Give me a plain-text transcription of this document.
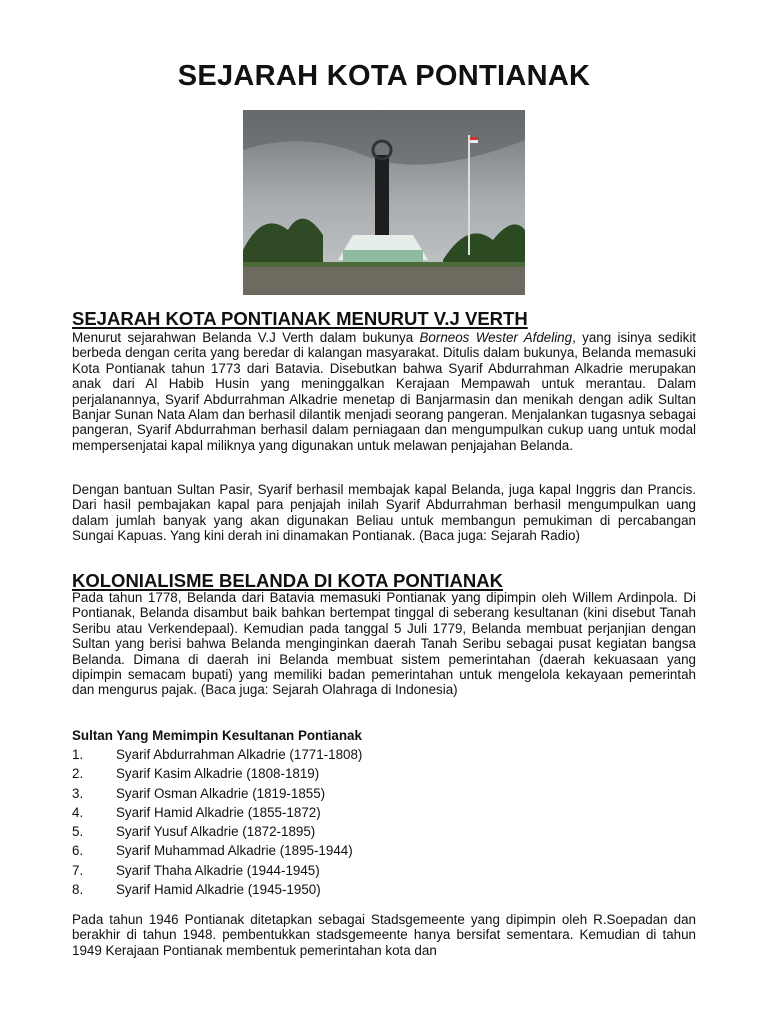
SEJARAH KOTA PONTIANAK
SEJARAH KOTA PONTIANAK MENURUT V.J VERTH
Menurut sejarahwan Belanda V.J Verth dalam bukunya Borneos Wester Afdeling, yang isinya sedikit berbeda dengan cerita yang beredar di kalangan masyarakat. Ditulis dalam bukunya, Belanda memasuki Kota Pontianak tahun 1773 dari Batavia. Disebutkan bahwa Syarif Abdurrahman Alkadrie merupakan anak dari Al Habib Husin yang meninggalkan Kerajaan Mempawah untuk merantau. Dalam perjalanannya, Syarif Abdurrahman Alkadrie menetap di Banjarmasin dan menikah dengan adik Sultan Banjar Sunan Nata Alam dan berhasil dilantik menjadi seorang pangeran. Menjalankan tugasnya sebagai pangeran, Syarif Abdurrahman berhasil dalam perniagaan dan mengumpulkan cukup uang untuk modal mempersenjatai kapal miliknya yang digunakan untuk melawan penjajahan Belanda.
Dengan bantuan Sultan Pasir, Syarif berhasil membajak kapal Belanda, juga kapal Inggris dan Prancis. Dari hasil pembajakan kapal para penjajah inilah Syarif Abdurrahman berhasil mengumpulkan uang dalam jumlah banyak yang akan digunakan Beliau untuk membangun pemukiman di percabangan Sungai Kapuas. Yang kini derah ini dinamakan Pontianak. (Baca juga: Sejarah Radio)
KOLONIALISME BELANDA DI KOTA PONTIANAK
Pada tahun 1778, Belanda dari Batavia memasuki Pontianak yang dipimpin oleh Willem Ardinpola. Di Pontianak, Belanda disambut baik bahkan bertempat tinggal di seberang kesultanan (kini disebut Tanah Seribu atau Verkendepaal). Kemudian pada tanggal 5 Juli 1779, Belanda membuat perjanjian dengan Sultan yang berisi bahwa Belanda menginginkan daerah Tanah Seribu sebagai pusat kegiatan bangsa Belanda. Dimana di daerah ini Belanda membuat sistem pemerintahan (daerah kekuasaan yang dipimpin semacam bupati) yang memiliki badan pemerintahan untuk mengelola kekayaan pemerintah dan mengurus pajak. (Baca juga: Sejarah Olahraga di Indonesia)
Sultan Yang Memimpin Kesultanan Pontianak
1.	Syarif Abdurrahman Alkadrie (1771-1808)
2.	Syarif Kasim Alkadrie (1808-1819)
3.	Syarif Osman Alkadrie (1819-1855)
4.	Syarif Hamid Alkadrie (1855-1872)
5.	Syarif Yusuf Alkadrie (1872-1895)
6.	Syarif Muhammad Alkadrie (1895-1944)
7.	Syarif Thaha Alkadrie (1944-1945)
8.	Syarif Hamid Alkadrie (1945-1950)
Pada tahun 1946 Pontianak ditetapkan sebagai Stadsgemeente yang dipimpin oleh R.Soepadan dan berakhir di tahun 1948. pembentukkan stadsgemeente hanya bersifat sementara. Kemudian di tahun 1949 Kerajaan Pontianak membentuk pemerintahan kota dan
